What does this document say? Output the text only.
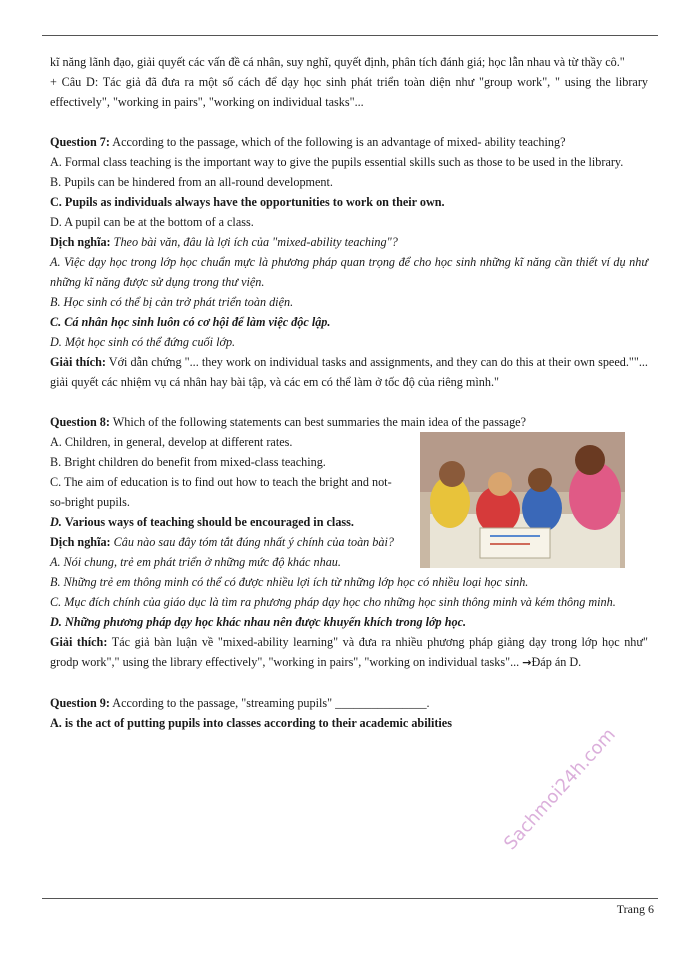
kĩ năng lãnh đạo, giải quyết các vấn đề cá nhân, suy nghĩ, quyết định, phân tích đánh giá; học lẫn nhau và từ thầy cô."

+ Câu D: Tác giả đã đưa ra một số cách để dạy học sinh phát triển toàn diện như "group work", " using the library effectively", "working in pairs", "working on individual tasks"...

Question 7: According to the passage, which of the following is an advantage of mixed- ability teaching?

A. Formal class teaching is the important way to give the pupils essential skills such as those to be used in the library.

B. Pupils can be hindered from an all-round development.

C. Pupils as individuals always have the opportunities to work on their own.

D. A pupil can be at the bottom of a class.

Dịch nghĩa: Theo bài văn, đâu là lợi ích của "mixed-ability teaching"?

A. Việc dạy học trong lớp học chuẩn mực là phương pháp quan trọng để cho học sinh những kĩ năng cần thiết ví dụ như những kĩ năng được sử dụng trong thư viện.

B. Học sinh có thể bị cản trở phát triển toàn diện.

C. Cá nhân học sinh luôn có cơ hội để làm việc độc lập.

D. Một học sinh có thể đứng cuối lớp.

Giải thích: Với dẫn chứng "... they work on individual tasks and assignments, and they can do this at their own speed.""... giải quyết các nhiệm vụ cá nhân hay bài tập, và các em có thể làm ở tốc độ của riêng mình."

Question 8: Which of the following statements can best summaries the main idea of the passage?

A. Children, in general, develop at different rates.

B. Bright children do benefit from mixed-class teaching.

C. The aim of education is to find out how to teach the bright and not-so-bright pupils.

D. Various ways of teaching should be encouraged in class.

Dịch nghĩa: Câu nào sau đây tóm tắt đúng nhất ý chính của toàn bài?

A. Nói chung, trẻ em phát triển ở những mức độ khác nhau.

B. Những trẻ em thông minh có thể có được nhiều lợi ích từ những lớp học có nhiều loại học sinh.

C. Mục đích chính của giáo dục là tìm ra phương pháp dạy học cho những học sinh thông minh và kém thông minh.

D. Những phương pháp dạy học khác nhau nên được khuyến khích trong lớp học.

Giải thích: Tác giả bàn luận về "mixed-ability learning" và đưa ra nhiều phương pháp giảng dạy trong lớp học như" grodp work"," using the library effectively", "working in pairs", "working on individual tasks"... →Đáp án D.

Question 9: According to the passage, "streaming pupils" _______________.

A. is the act of putting pupils into classes according to their academic abilities

Trang 6
Sachmoi24h.com
